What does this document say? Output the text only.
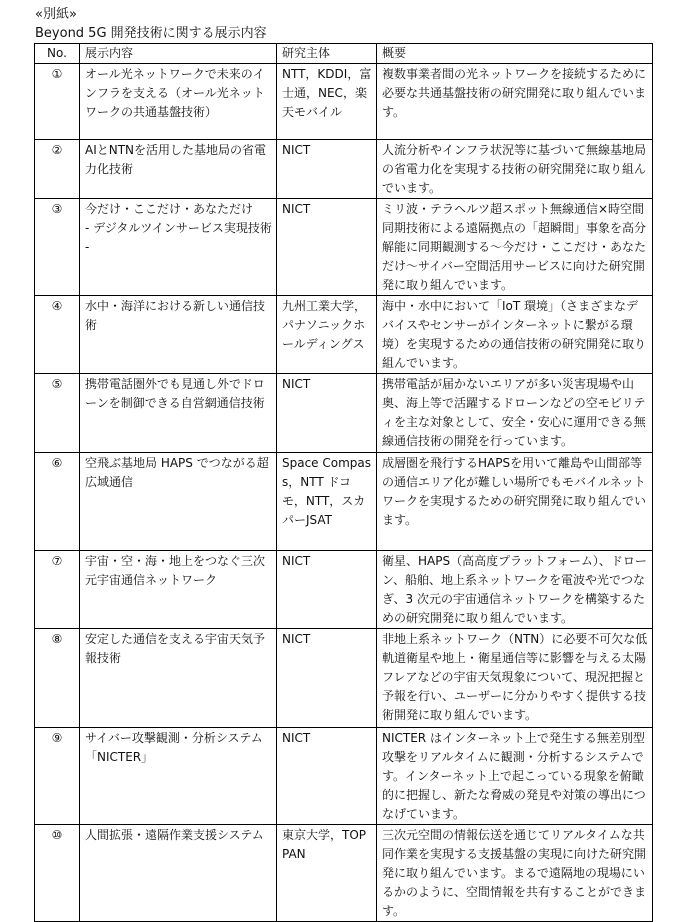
«別紙»
Beyond 5G 開発技術に関する展示内容
No.	展示内容	研究主体	概要
①	オール光ネットワークで未来のインフラを支える（オール光ネットワークの共通基盤技術）	NTT，KDDI，富士通，NEC，楽天モバイル	複数事業者間の光ネットワークを接続するために必要な共通基盤技術の研究開発に取り組んでいます。
②	AIとNTNを活用した基地局の省電力化技術	NICT	人流分析やインフラ状況等に基づいて無線基地局の省電力化を実現する技術の研究開発に取り組んでいます。
③	今だけ・ここだけ・あなただけ
- デジタルツインサービス実現技術 -	NICT	ミリ波・テラヘルツ超スポット無線通信×時空間同期技術による遠隔拠点の「超瞬間」事象を高分解能に同期観測する～今だけ・ここだけ・あなただけ～サイバー空間活用サービスに向けた研究開発に取り組んでいます。
④	水中・海洋における新しい通信技術	九州工業大学，パナソニックホールディングス	海中・水中において「IoT 環境」（さまざまなデバイスやセンサーがインターネットに繋がる環境）を実現するための通信技術の研究開発に取り組んでいます。
⑤	携帯電話圏外でも見通し外でドローンを制御できる自営網通信技術	NICT	携帯電話が届かないエリアが多い災害現場や山奥、海上等で活躍するドローンなどの空モビリティを主な対象として、安全・安心に運用できる無線通信技術の開発を行っています。
⑥	空飛ぶ基地局 HAPS でつながる超広域通信	Space Compass，NTT ドコモ，NTT，スカパーJSAT	成層圏を飛行するHAPSを用いて離島や山間部等の通信エリア化が難しい場所でもモバイルネットワークを実現するための研究開発に取り組んでいます。
⑦	宇宙・空・海・地上をつなぐ三次元宇宙通信ネットワーク	NICT	衛星、HAPS（高高度プラットフォーム）、ドローン、船舶、地上系ネットワークを電波や光でつなぎ、3 次元の宇宙通信ネットワークを構築するための研究開発に取り組んでいます。
⑧	安定した通信を支える宇宙天気予報技術	NICT	非地上系ネットワーク（NTN）に必要不可欠な低軌道衛星や地上・衛星通信等に影響を与える太陽フレアなどの宇宙天気現象について、現況把握と予報を行い、ユーザーに分かりやすく提供する技術開発に取り組んでいます。
⑨	サイバー攻撃観測・分析システム「NICTER」	NICT	NICTER はインターネット上で発生する無差別型攻撃をリアルタイムに観測・分析するシステムです。インターネット上で起こっている現象を俯瞰的に把握し、新たな脅威の発見や対策の導出につなげています。
⑩	人間拡張・遠隔作業支援システム	東京大学，TOPPAN	三次元空間の情報伝送を通じてリアルタイムな共同作業を実現する支援基盤の実現に向けた研究開発に取り組んでいます。まるで遠隔地の現場にいるかのように、空間情報を共有することができます。
